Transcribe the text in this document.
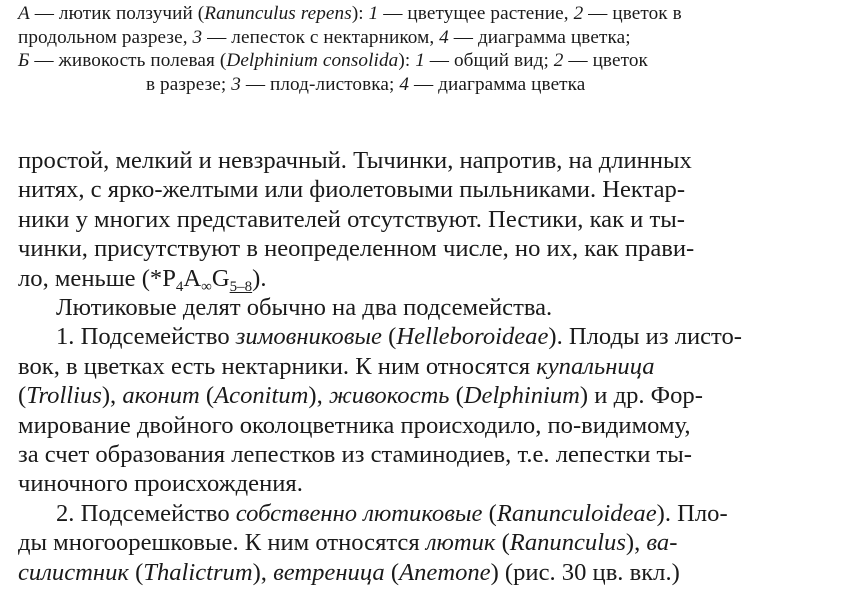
А — лютик ползучий (Ranunculus repens): 1 — цветущее растение, 2 — цветок в
продольном разрезе, 3 — лепесток с нектарником, 4 — диаграмма цветка;
Б — живокость полевая (Delphinium consolida): 1 — общий вид; 2 — цветок
в разрезе; 3 — плод-листовка; 4 — диаграмма цветка
простой, мелкий и невзрачный. Тычинки, напротив, на длинных
нитях, с ярко-желтыми или фиолетовыми пыльниками. Нектар-
ники у многих представителей отсутствуют. Пестики, как и ты-
чинки, присутствуют в неопределенном числе, но их, как прави-
ло, меньше $(*P_4A_\infty G_{5-8})$.
Лютиковые делят обычно на два подсемейства.
1. Подсемейство зимовниковые (Helleboroideae). Плоды из листо-
вок, в цветках есть нектарники. К ним относятся купальница
(Trollius), аконит (Aconitum), живокость (Delphinium) и др. Фор-
мирование двойного околоцветника происходило, по-видимому,
за счет образования лепестков из стаминодиев, т.е. лепестки ты-
чиночного происхождения.
2. Подсемейство собственно лютиковые (Ranunculoideae). Пло-
ды многоорешковые. К ним относятся лютик (Ranunculus), ва-
силистник (Thalictrum), ветреница (Anemone) (рис. 30 цв. вкл.)
